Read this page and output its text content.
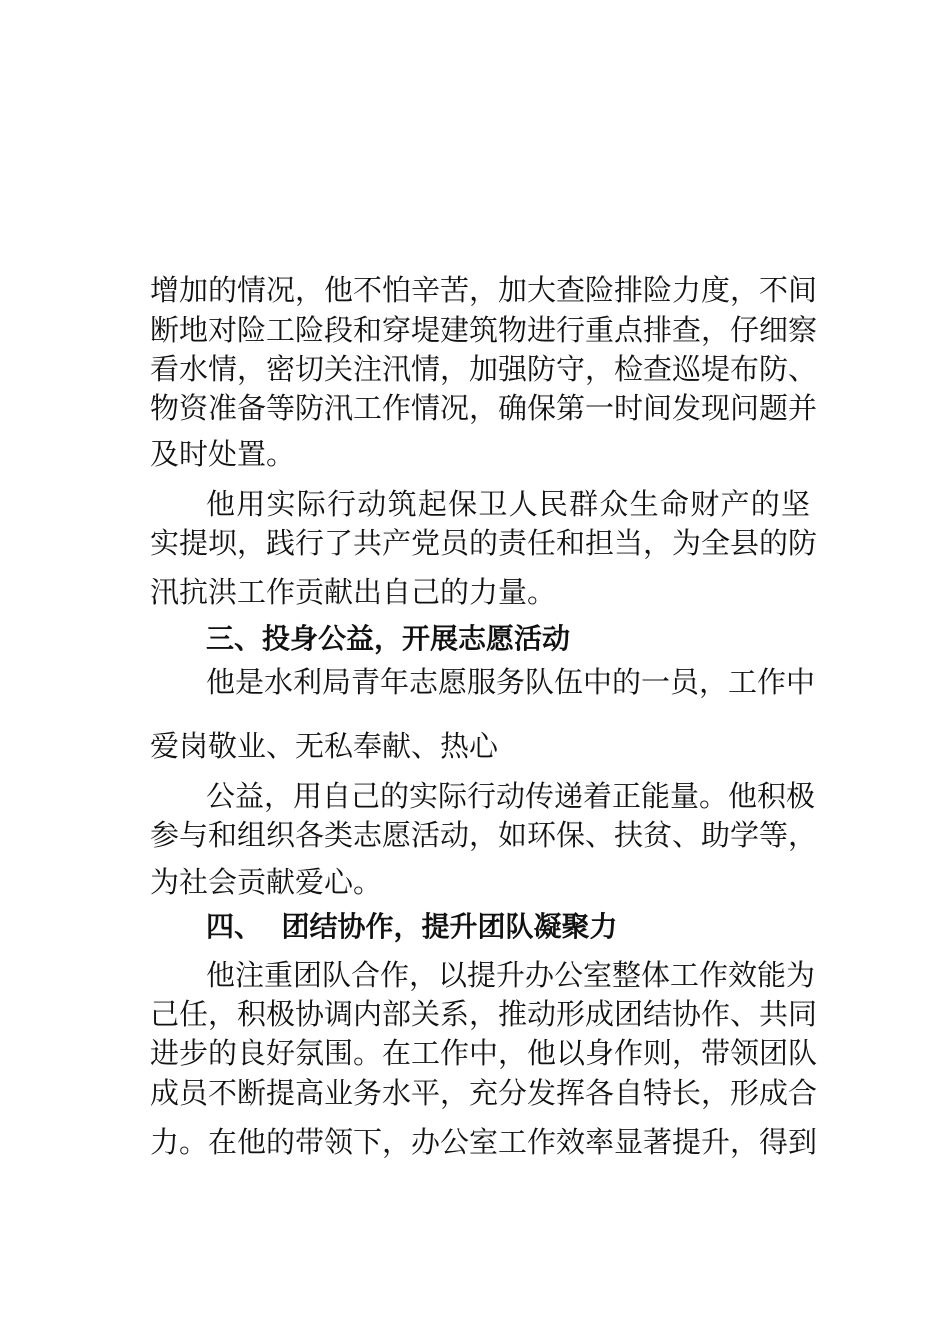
增加的情况，他不怕辛苦，加大查险排险力度，不间
断地对险工险段和穿堤建筑物进行重点排查，仔细察
看水情，密切关注汛情，加强防守，检查巡堤布防、
物资准备等防汛工作情况，确保第一时间发现问题并
及时处置。
他用实际行动筑起保卫人民群众生命财产的坚
实提坝，践行了共产党员的责任和担当，为全县的防
汛抗洪工作贡献出自己的力量。
三、投身公益，开展志愿活动
他是水利局青年志愿服务队伍中的一员，工作中
爱岗敬业、无私奉献、热心
公益，用自己的实际行动传递着正能量。他积极
参与和组织各类志愿活动，如环保、扶贫、助学等，
为社会贡献爱心。
四、  团结协作，提升团队凝聚力
他注重团队合作，以提升办公室整体工作效能为
己任，积极协调内部关系，推动形成团结协作、共同
进步的良好氛围。在工作中，他以身作则，带领团队
成员不断提高业务水平，充分发挥各自特长，形成合
力。在他的带领下，办公室工作效率显著提升，得到
